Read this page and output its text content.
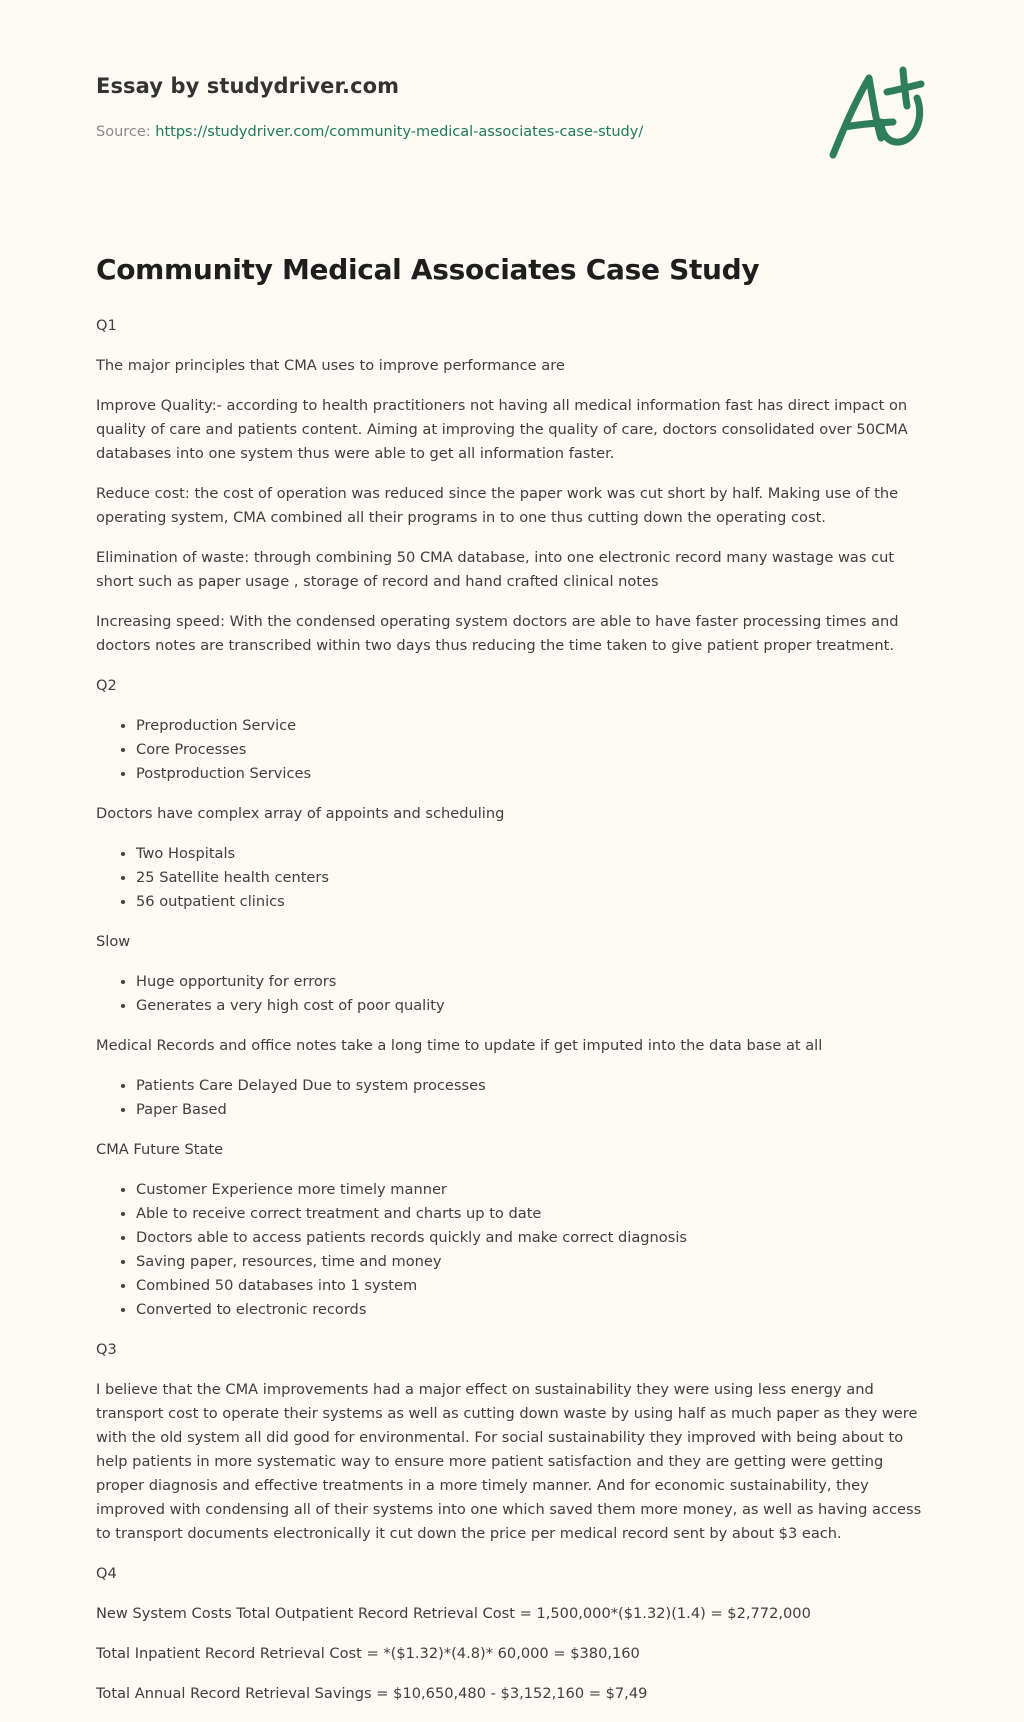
Essay by studydriver.com
Source: https://studydriver.com/community-medical-associates-case-study/
Community Medical Associates Case Study

Q1

The major principles that CMA uses to improve performance are

Improve Quality:- according to health practitioners not having all medical information fast has direct impact on quality of care and patients content. Aiming at improving the quality of care, doctors consolidated over 50CMA databases into one system thus were able to get all information faster.

Reduce cost: the cost of operation was reduced since the paper work was cut short by half. Making use of the operating system, CMA combined all their programs in to one thus cutting down the operating cost.

Elimination of waste: through combining 50 CMA database, into one electronic record many wastage was cut short such as paper usage , storage of record and hand crafted clinical notes

Increasing speed: With the condensed operating system doctors are able to have faster processing times and doctors notes are transcribed within two days thus reducing the time taken to give patient proper treatment.

Q2

• Preproduction Service
• Core Processes
• Postproduction Services

Doctors have complex array of appoints and scheduling

• Two Hospitals
• 25 Satellite health centers
• 56 outpatient clinics

Slow

• Huge opportunity for errors
• Generates a very high cost of poor quality

Medical Records and office notes take a long time to update if get imputed into the data base at all

• Patients Care Delayed Due to system processes
• Paper Based

CMA Future State

• Customer Experience more timely manner
• Able to receive correct treatment and charts up to date
• Doctors able to access patients records quickly and make correct diagnosis
• Saving paper, resources, time and money
• Combined 50 databases into 1 system
• Converted to electronic records

Q3

I believe that the CMA improvements had a major effect on sustainability they were using less energy and transport cost to operate their systems as well as cutting down waste by using half as much paper as they were with the old system all did good for environmental. For social sustainability they improved with being about to help patients in more systematic way to ensure more patient satisfaction and they are getting were getting proper diagnosis and effective treatments in a more timely manner. And for economic sustainability, they improved with condensing all of their systems into one which saved them more money, as well as having access to transport documents electronically it cut down the price per medical record sent by about $3 each.

Q4

New System Costs Total Outpatient Record Retrieval Cost = 1,500,000*($1.32)(1.4) = $2,772,000

Total Inpatient Record Retrieval Cost = *($1.32)*(4.8)* 60,000 = $380,160

Total Annual Record Retrieval Savings = $10,650,480 - $3,152,160 = $7,49
